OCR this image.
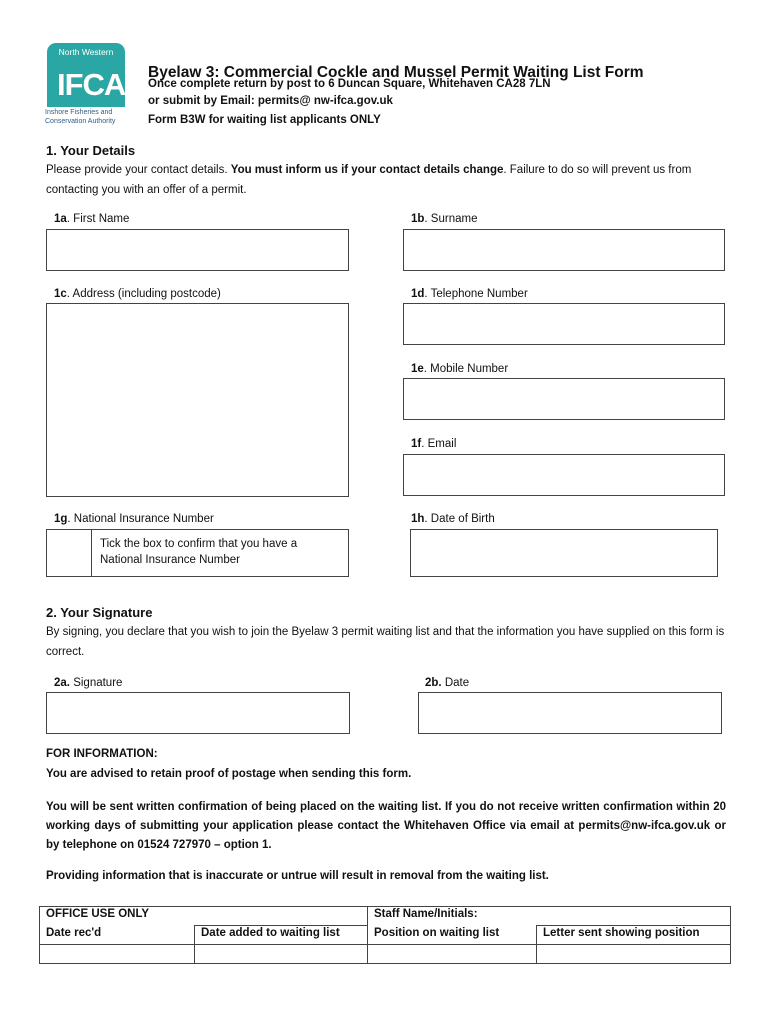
North Western
IFCA
Inshore Fisheries and
Conservation Authority
Byelaw 3: Commercial Cockle and Mussel Permit Waiting List Form
Once complete return by post to 6 Duncan Square, Whitehaven CA28 7LN
or submit by Email: permits@ nw-ifca.gov.uk
Form B3W for waiting list applicants ONLY
1. Your Details
Please provide your contact details. You must inform us if your contact details change. Failure to do so will prevent us from contacting you with an offer of a permit.
1a. First Name	1b. Surname
1c. Address (including postcode)	1d. Telephone Number
1e. Mobile Number
1f. Email
1g. National Insurance Number
Tick the box to confirm that you have a National Insurance Number
1h. Date of Birth
2. Your Signature
By signing, you declare that you wish to join the Byelaw 3 permit waiting list and that the information you have supplied on this form is correct.
2a. Signature	2b. Date
FOR INFORMATION:
You are advised to retain proof of postage when sending this form.
You will be sent written confirmation of being placed on the waiting list. If you do not receive written confirmation within 20 working days of submitting your application please contact the Whitehaven Office via email at permits@nw-ifca.gov.uk or by telephone on 01524 727970 – option 1.
Providing information that is inaccurate or untrue will result in removal from the waiting list.
OFFICE USE ONLY		Staff Name/Initials:	
Date rec'd	Date added to waiting list	Position on waiting list	Letter sent showing position
